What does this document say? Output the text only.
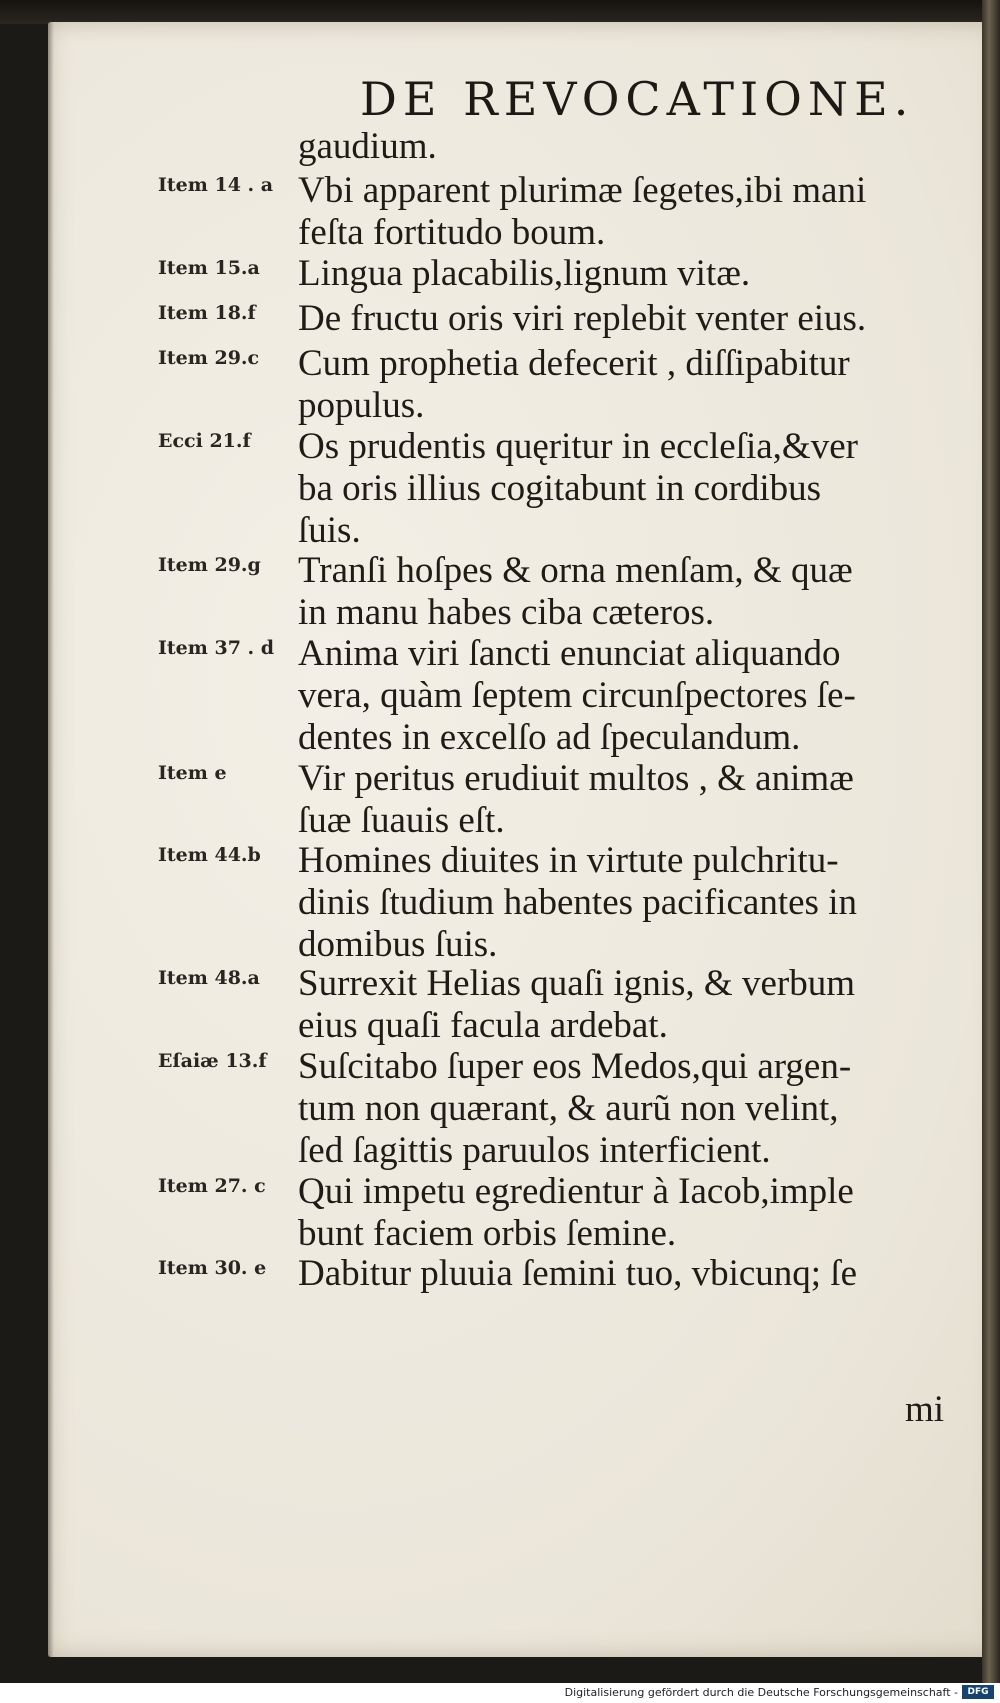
DE REVOCATIONE.
gaudium.
Item 14 . a Vbi apparent plurimæ ſegetes,ibi mani
feſta fortitudo boum.
Item 15.a Lingua placabilis,lignum vitæ.
Item 18.f De fructu oris viri replebit venter eius.
Item 29.c Cum prophetia defecerit , diſſipabitur
populus.
Ecci 21.f Os prudentis quęritur in eccleſia,&ver
ba oris illius cogitabunt in cordibus
ſuis.
Item 29.g Tranſi hoſpes & orna menſam, & quæ
in manu habes ciba cæteros.
Item 37 . d Anima viri ſancti enunciat aliquando
vera, quàm ſeptem circunſpectores ſe-
dentes in excelſo ad ſpeculandum.
Item e Vir peritus erudiuit multos , & animæ
ſuæ ſuauis eſt.
Item 44.b Homines diuites in virtute pulchritu-
dinis ſtudium habentes pacificantes in
domibus ſuis.
Item 48.a Surrexit Helias quaſi ignis, & verbum
eius quaſi facula ardebat.
Eſaiæ 13.f Suſcitabo ſuper eos Medos,qui argen-
tum non quærant, & aurũ non velint,
ſed ſagittis paruulos interficient.
Item 27. c Qui impetu egredientur à Iacob,imple
bunt faciem orbis ſemine.
Item 30. e Dabitur pluuia ſemini tuo, vbicunq; ſe
mi
Digitalisierung gefördert durch die Deutsche Forschungsgemeinschaft -	DFG
